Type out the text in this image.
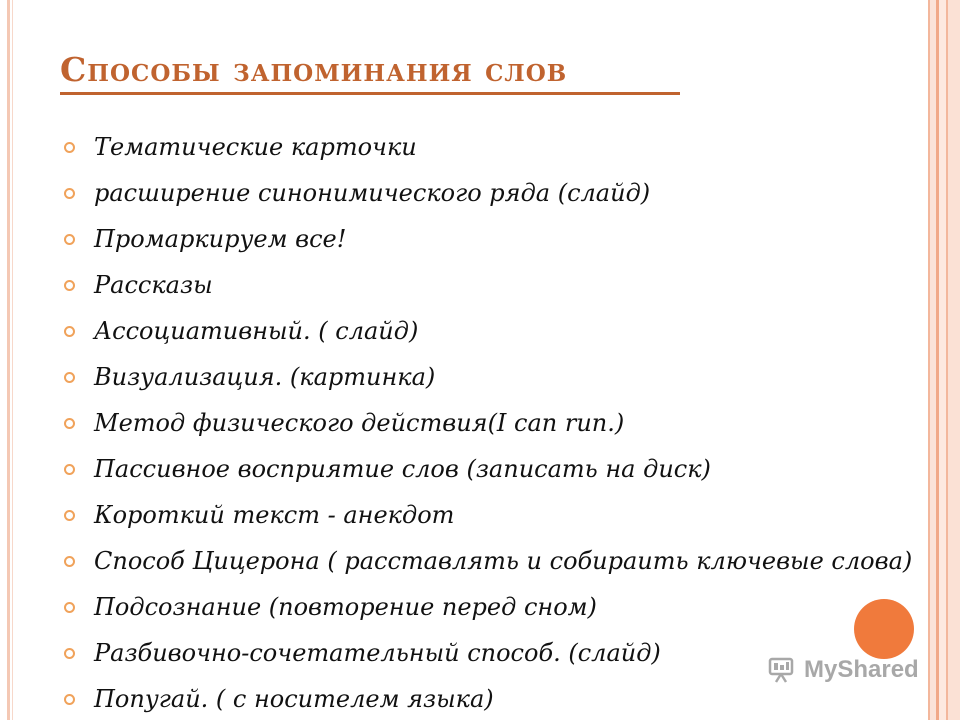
Способы запоминания слов
Тематические карточки
расширение синонимического ряда (слайд)
Промаркируем все!
Рассказы
Ассоциативный. ( слайд)
Визуализация. (картинка)
Метод физического действия(I can run.)
Пассивное восприятие слов (записать на диск)
Короткий текст - анекдот
Способ Цицерона ( расставлять и собираить ключевые слова)
Подсознание (повторение перед сном)
Разбивочно-сочетательный способ. (слайд)
Попугай. ( с носителем языка)
MyShared
